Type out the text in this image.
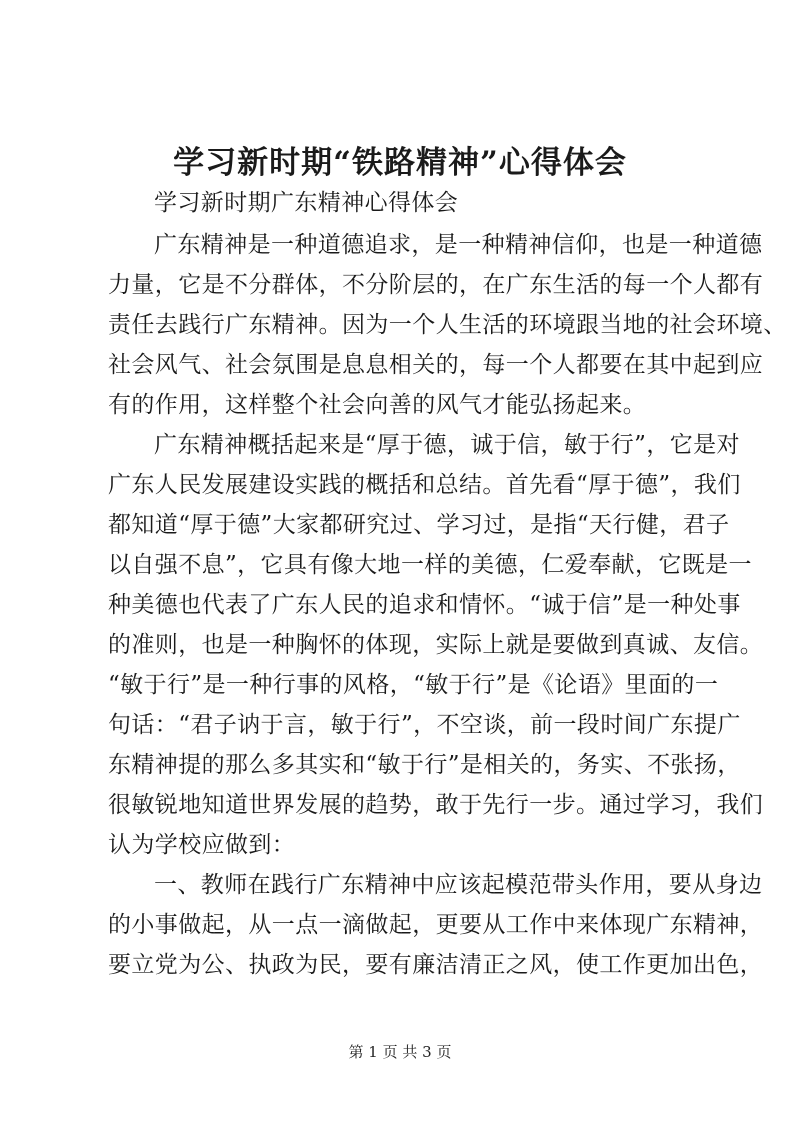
学习新时期“铁路精神”心得体会
学习新时期广东精神心得体会
广东精神是一种道德追求，是一种精神信仰，也是一种道德
力量，它是不分群体，不分阶层的，在广东生活的每一个人都有
责任去践行广东精神。因为一个人生活的环境跟当地的社会环境、
社会风气、社会氛围是息息相关的，每一个人都要在其中起到应
有的作用，这样整个社会向善的风气才能弘扬起来。
广东精神概括起来是“厚于德，诚于信，敏于行”，它是对
广东人民发展建设实践的概括和总结。首先看“厚于德”，我们
都知道“厚于德”大家都研究过、学习过，是指“天行健，君子
以自强不息”，它具有像大地一样的美德，仁爱奉献，它既是一
种美德也代表了广东人民的追求和情怀。“诚于信”是一种处事
的准则，也是一种胸怀的体现，实际上就是要做到真诚、友信。
“敏于行”是一种行事的风格，“敏于行”是《论语》里面的一
句话：“君子讷于言，敏于行”，不空谈，前一段时间广东提广
东精神提的那么多其实和“敏于行”是相关的，务实、不张扬，
很敏锐地知道世界发展的趋势，敢于先行一步。通过学习，我们
认为学校应做到：
一、教师在践行广东精神中应该起模范带头作用，要从身边
的小事做起，从一点一滴做起，更要从工作中来体现广东精神，
要立党为公、执政为民，要有廉洁清正之风，使工作更加出色，
第 1 页 共 3 页
